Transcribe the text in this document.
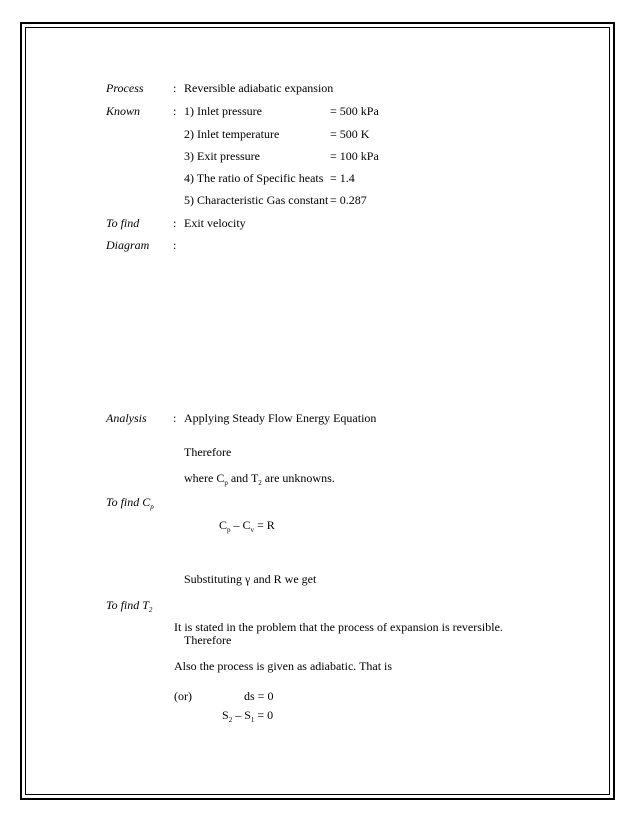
Process : Reversible adiabatic expansion
Known	: 1) Inlet pressure	= 500 kPa
2) Inlet temperature	= 500 K
3) Exit pressure	= 100 kPa
4) The ratio of Specific heats = 1.4
5) Characteristic Gas constant = 0.287
To find	: Exit velocity
Diagram :
Analysis : Applying Steady Flow Energy Equation
Therefore
where $C_p$ and $T_2$ are unknowns.
To find $C_p$
$C_p - C_v = R$
Substituting γ and R we get
To find $T_2$
It is stated in the problem that the process of expansion is reversible.
Therefore
Also the process is given as adiabatic. That is
(or)	ds = 0
$S_2 - S_1 = 0$
